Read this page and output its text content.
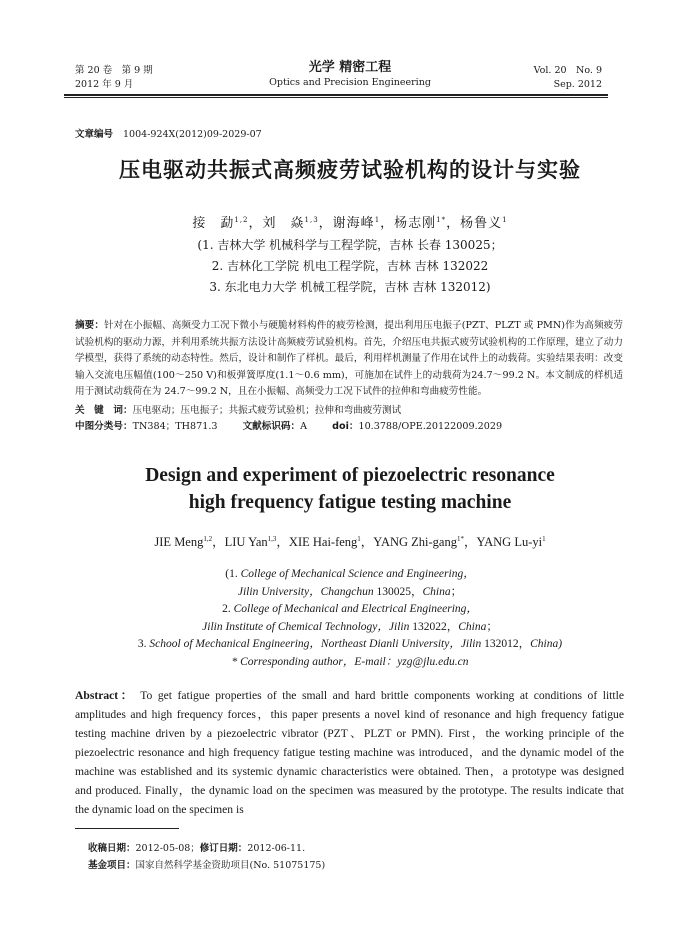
第 20 卷　第 9 期
2012 年 9 月
光学 精密工程
Optics and Precision Engineering
Vol. 20　No. 9
Sep. 2012
文章编号 1004-924X(2012)09-2029-07
压电驱动共振式高频疲劳试验机构的设计与实验
接　勐$^{1,2}$，刘　焱$^{1,3}$，谢海峰$^1$，杨志刚$^{1*}$，杨鲁义$^1$
(1. 吉林大学 机械科学与工程学院，吉林 长春 130025；
2. 吉林化工学院 机电工程学院，吉林 吉林 132022
3. 东北电力大学 机械工程学院，吉林 吉林 132012)
摘要：针对在小振幅、高频受力工况下微小与硬脆材料构件的疲劳检测，提出利用压电振子(PZT、PLZT 或 PMN)作为高频疲劳试验机构的驱动力源，并利用系统共振方法设计高频疲劳试验机构。首先，介绍压电共振式疲劳试验机构的工作原理，建立了动力学模型，获得了系统的动态特性。然后，设计和制作了样机。最后，利用样机测量了作用在试件上的动载荷。实验结果表明：改变输入交流电压幅值(100～250 V)和板弹簧厚度(1.1～0.6 mm)，可施加在试件上的动载荷为24.7～99.2 N。本文制成的样机适用于测试动载荷在为 24.7～99.2 N，且在小振幅、高频受力工况下试件的拉伸和弯曲疲劳性能。
关　键　词：压电驱动；压电振子；共振式疲劳试验机；拉伸和弯曲疲劳测试
中图分类号：TN384；TH871.3	文献标识码：A	doi：10.3788/OPE.20122009.2029
Design and experiment of piezoelectric resonance
high frequency fatigue testing machine
JIE Meng$^{1,2}$，LIU Yan$^{1,3}$，XIE Hai-feng$^1$，YANG Zhi-gang$^{1*}$，YANG $Lu-yi^1$
(1. College of Mechanical Science and Engineering，
Jilin University，Changchun 130025，China；
2. College of Mechanical and Electrical Engineering，
Jilin Institute of Chemical Technology，Jilin 132022，China；
3. School of Mechanical Engineering，Northeast Dianli University，Jilin 132012，China)
* Corresponding author，E-mail：yzg@jlu.edu.cn
Abstract： To get fatigue properties of the small and hard brittle components working at conditions of little amplitudes and high frequency forces，this paper presents a novel kind of resonance and high frequency fatigue testing machine driven by a piezoelectric vibrator (PZT、PLZT or PMN). First，the working principle of the piezoelectric resonance and high frequency fatigue testing machine was introduced，and the dynamic model of the machine was established and its systemic dynamic characteristics were obtained. Then，a prototype was designed and produced. Finally，the dynamic load on the specimen was measured by the prototype. The results indicate that the dynamic load on the specimen is
收稿日期：2012-05-08；修订日期：2012-06-11.
基金项目：国家自然科学基金资助项目(No. 51075175)
